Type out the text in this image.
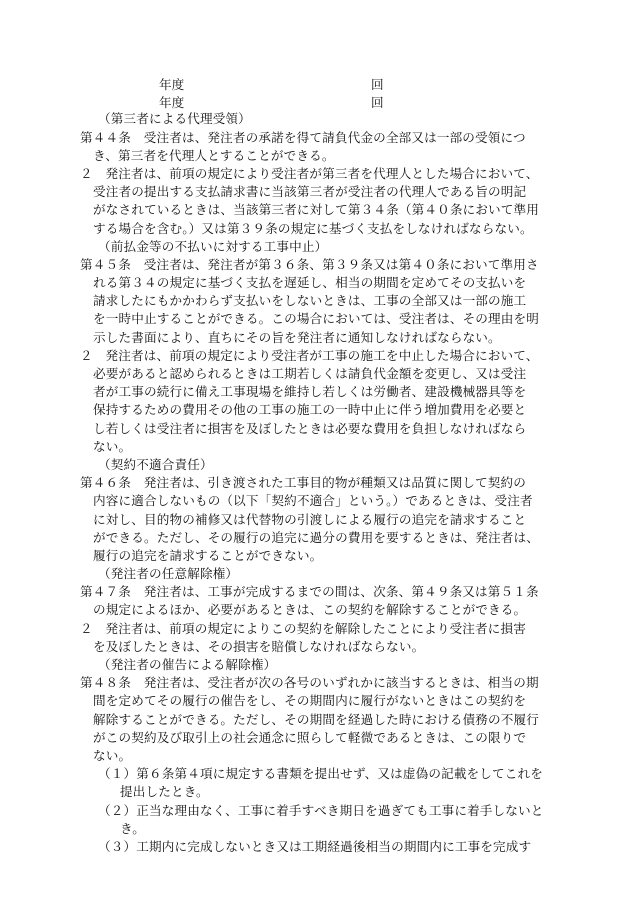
年度	回
年度	回
（第三者による代理受領）
第４４条　受注者は、発注者の承諾を得て請負代金の全部又は一部の受領につ
き、第三者を代理人とすることができる。
２　発注者は、前項の規定により受注者が第三者を代理人とした場合において、
受注者の提出する支払請求書に当該第三者が受注者の代理人である旨の明記
がなされているときは、当該第三者に対して第３４条（第４０条において準用
する場合を含む。）又は第３９条の規定に基づく支払をしなければならない。
（前払金等の不払いに対する工事中止）
第４５条　受注者は、発注者が第３６条、第３９条又は第４０条において準用さ
れる第３４の規定に基づく支払を遅延し、相当の期間を定めてその支払いを
請求したにもかかわらず支払いをしないときは、工事の全部又は一部の施工
を一時中止することができる。この場合においては、受注者は、その理由を明
示した書面により、直ちにその旨を発注者に通知しなければならない。
２　発注者は、前項の規定により受注者が工事の施工を中止した場合において、
必要があると認められるときは工期若しくは請負代金額を変更し、又は受注
者が工事の続行に備え工事現場を維持し若しくは労働者、建設機械器具等を
保持するための費用その他の工事の施工の一時中止に伴う増加費用を必要と
し若しくは受注者に損害を及ぼしたときは必要な費用を負担しなければなら
ない。
（契約不適合責任）
第４６条　発注者は、引き渡された工事目的物が種類又は品質に関して契約の
内容に適合しないもの（以下「契約不適合」という。）であるときは、受注者
に対し、目的物の補修又は代替物の引渡しによる履行の追完を請求すること
ができる。ただし、その履行の追完に過分の費用を要するときは、発注者は、
履行の追完を請求することができない。
（発注者の任意解除権）
第４７条　発注者は、工事が完成するまでの間は、次条、第４９条又は第５１条
の規定によるほか、必要があるときは、この契約を解除することができる。
２　発注者は、前項の規定によりこの契約を解除したことにより受注者に損害
を及ぼしたときは、その損害を賠償しなければならない。
（発注者の催告による解除権）
第４８条　発注者は、受注者が次の各号のいずれかに該当するときは、相当の期
間を定めてその履行の催告をし、その期間内に履行がないときはこの契約を
解除することができる。ただし、その期間を経過した時における債務の不履行
がこの契約及び取引上の社会通念に照らして軽微であるときは、この限りで
ない。
（１）第６条第４項に規定する書類を提出せず、又は虚偽の記載をしてこれを
提出したとき。
（２）正当な理由なく、工事に着手すべき期日を過ぎても工事に着手しないと
き。
（３）工期内に完成しないとき又は工期経過後相当の期間内に工事を完成す
